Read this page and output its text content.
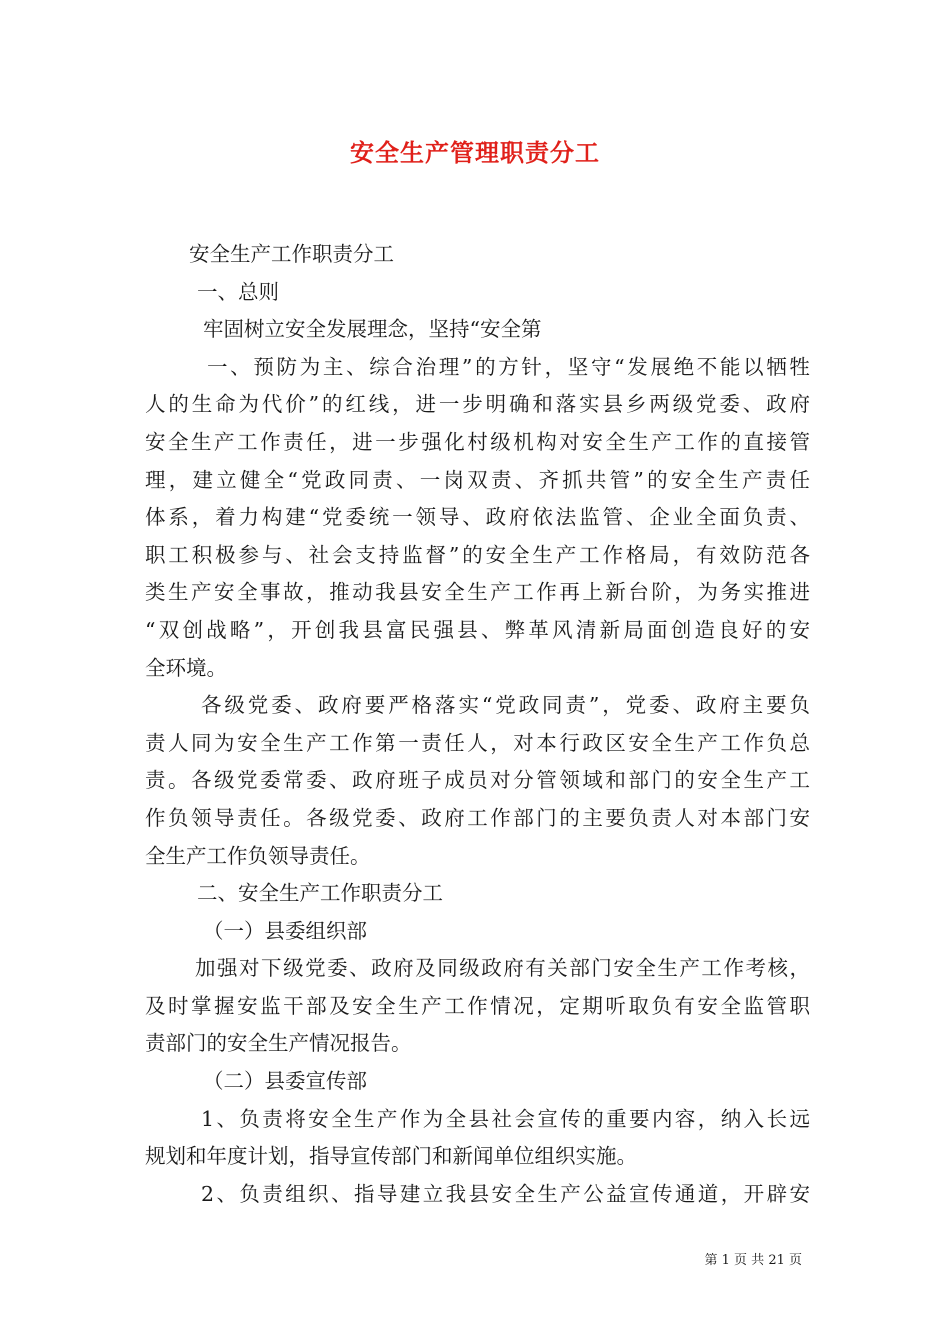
安全生产管理职责分工
安全生产工作职责分工
一、总则
牢固树立安全发展理念，坚持“安全第
一、预防为主、综合治理”的方针，坚守“发展绝不能以牺牲
人的生命为代价”的红线，进一步明确和落实县乡两级党委、政府
安全生产工作责任，进一步强化村级机构对安全生产工作的直接管
理，建立健全“党政同责、一岗双责、齐抓共管”的安全生产责任
体系，着力构建“党委统一领导、政府依法监管、企业全面负责、
职工积极参与、社会支持监督”的安全生产工作格局，有效防范各
类生产安全事故，推动我县安全生产工作再上新台阶，为务实推进
“双创战略”，开创我县富民强县、弊革风清新局面创造良好的安
全环境。
各级党委、政府要严格落实“党政同责”，党委、政府主要负
责人同为安全生产工作第一责任人，对本行政区安全生产工作负总
责。各级党委常委、政府班子成员对分管领域和部门的安全生产工
作负领导责任。各级党委、政府工作部门的主要负责人对本部门安
全生产工作负领导责任。
二、安全生产工作职责分工
（一）县委组织部
加强对下级党委、政府及同级政府有关部门安全生产工作考核，
及时掌握安监干部及安全生产工作情况，定期听取负有安全监管职
责部门的安全生产情况报告。
（二）县委宣传部
1、负责将安全生产作为全县社会宣传的重要内容，纳入长远
规划和年度计划，指导宣传部门和新闻单位组织实施。
2、负责组织、指导建立我县安全生产公益宣传通道，开辟安
第 1 页 共 21 页
